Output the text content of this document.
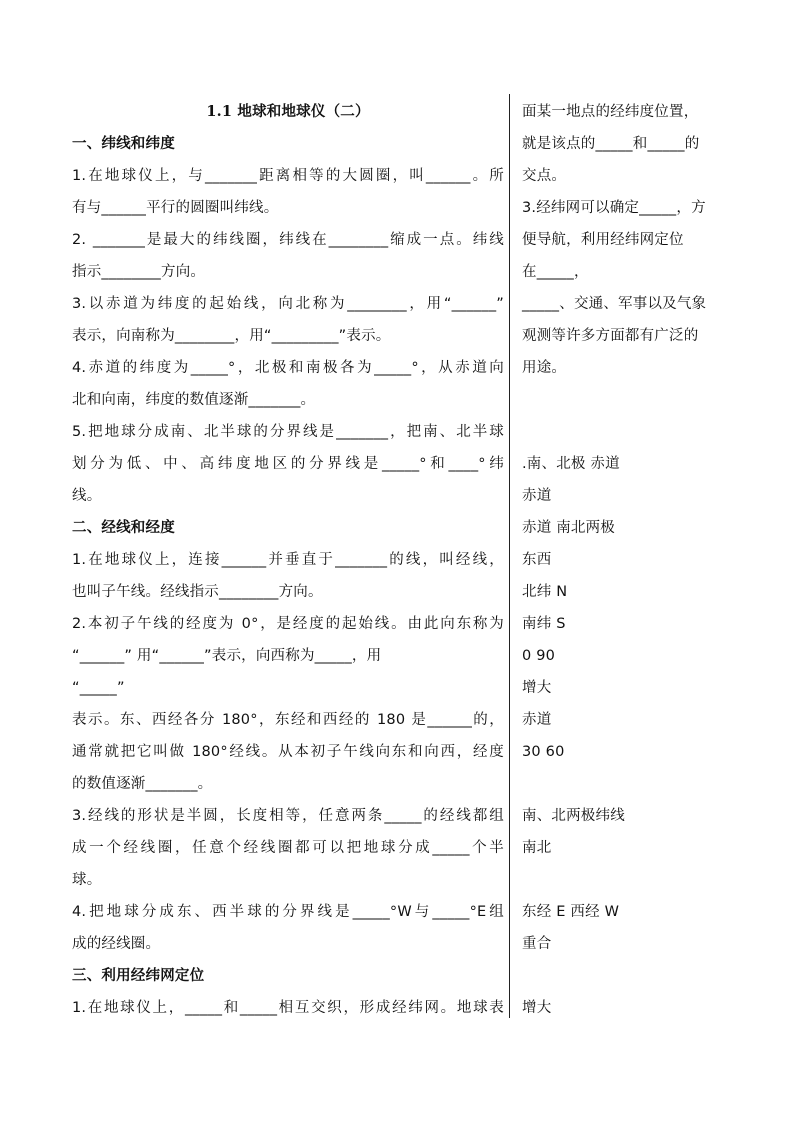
1.1 地球和地球仪（二）
一、纬线和纬度
1.在地球仪上，与_______距离相等的大圆圈，叫______。所
有与______平行的圆圈叫纬线。
2. _______是最大的纬线圈，纬线在________缩成一点。纬线
指示________方向。
3.以赤道为纬度的起始线，向北称为________，用“______”
表示，向南称为________，用“_________”表示。
4.赤道的纬度为_____°，北极和南极各为_____°，从赤道向
北和向南，纬度的数值逐渐_______。
5.把地球分成南、北半球的分界线是_______，把南、北半球
划分为低、中、高纬度地区的分界线是_____°和____°纬
线。
二、经线和经度
1.在地球仪上，连接______并垂直于_______的线，叫经线，
也叫子午线。经线指示________方向。
2.本初子午线的经度为 0°，是经度的起始线。由此向东称为
“______” 用“______”表示，向西称为_____，用
“_____”
表示。东、西经各分 180°，东经和西经的 180 是______的，
通常就把它叫做 180°经线。从本初子午线向东和向西，经度
的数值逐渐_______。
3.经线的形状是半圆，长度相等，任意两条_____的经线都组
成一个经线圈，任意个经线圈都可以把地球分成_____个半
球。
4.把地球分成东、西半球的分界线是_____°W与_____°E组
成的经线圈。
三、利用经纬网定位
1.在地球仪上，_____和_____相互交织，形成经纬网。地球表
面某一地点的经纬度位置，
就是该点的_____和_____的
交点。
3.经纬网可以确定_____，方
便导航，利用经纬网定位
在_____，
_____、交通、军事以及气象
观测等许多方面都有广泛的
用途。
.南、北极 赤道
赤道
赤道 南北两极
东西
北纬 N
南纬 S
0 90
增大
赤道
30 60
南、北两极纬线
南北
东经 E 西经 W
重合
增大
